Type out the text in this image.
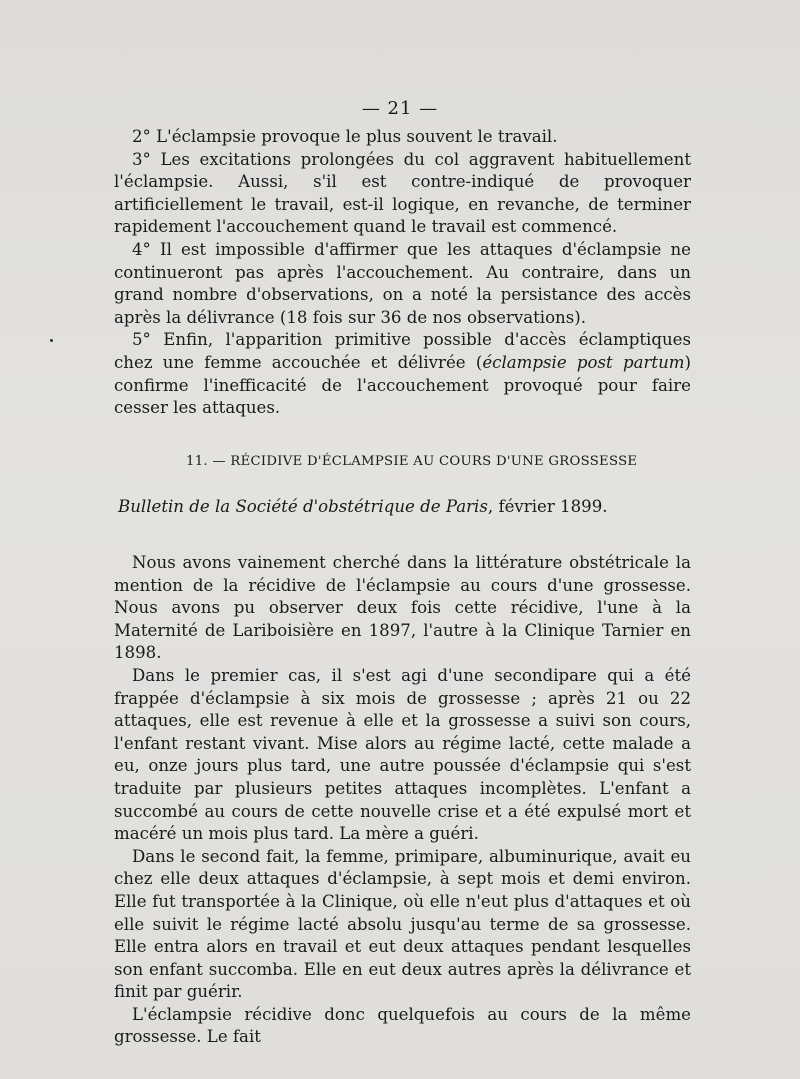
— 21 —

2° L'éclampsie provoque le plus souvent le travail.

3° Les excitations prolongées du col aggravent habituellement l'éclampsie. Aussi, s'il est contre-indiqué de provoquer artificiellement le travail, est-il logique, en revanche, de terminer rapidement l'accouchement quand le travail est commencé.

4° Il est impossible d'affirmer que les attaques d'éclampsie ne continueront pas après l'accouchement. Au contraire, dans un grand nombre d'observations, on a noté la persistance des accès après la délivrance (18 fois sur 36 de nos observations).

5° Enfin, l'apparition primitive possible d'accès éclamptiques chez une femme accouchée et délivrée (éclampsie post partum) confirme l'inefficacité de l'accouchement provoqué pour faire cesser les attaques.

11. — RÉCIDIVE D'ÉCLAMPSIE AU COURS D'UNE GROSSESSE
Bulletin de la Société d'obstétrique de Paris, février 1899.

Nous avons vainement cherché dans la littérature obstétricale la mention de la récidive de l'éclampsie au cours d'une grossesse. Nous avons pu observer deux fois cette récidive, l'une à la Maternité de Lariboisière en 1897, l'autre à la Clinique Tarnier en 1898.

Dans le premier cas, il s'est agi d'une secondipare qui a été frappée d'éclampsie à six mois de grossesse ; après 21 ou 22 attaques, elle est revenue à elle et la grossesse a suivi son cours, l'enfant restant vivant. Mise alors au régime lacté, cette malade a eu, onze jours plus tard, une autre poussée d'éclampsie qui s'est traduite par plusieurs petites attaques incomplètes. L'enfant a succombé au cours de cette nouvelle crise et a été expulsé mort et macéré un mois plus tard. La mère a guéri.

Dans le second fait, la femme, primipare, albuminurique, avait eu chez elle deux attaques d'éclampsie, à sept mois et demi environ. Elle fut transportée à la Clinique, où elle n'eut plus d'attaques et où elle suivit le régime lacté absolu jusqu'au terme de sa grossesse. Elle entra alors en travail et eut deux attaques pendant lesquelles son enfant succomba. Elle en eut deux autres après la délivrance et finit par guérir.

L'éclampsie récidive donc quelquefois au cours de la même grossesse. Le fait
